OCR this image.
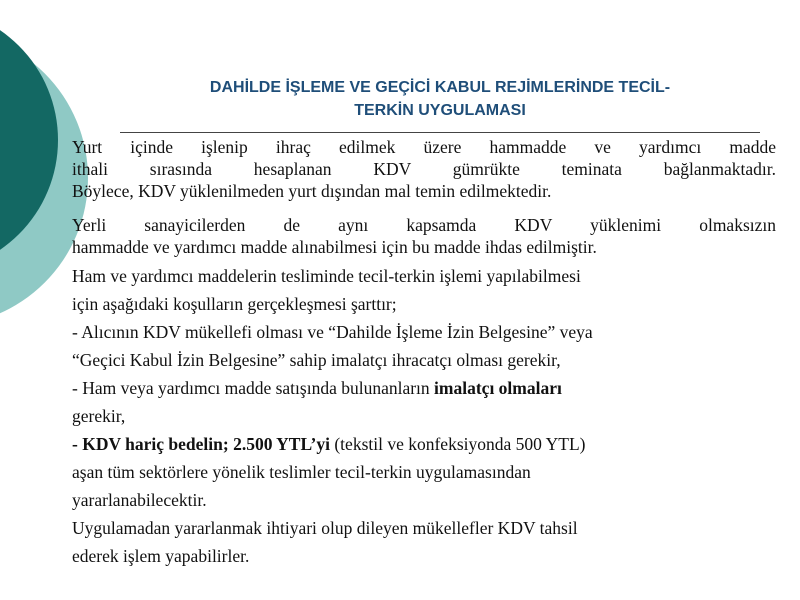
DAHİLDE İŞLEME VE GEÇİCİ KABUL REJİMLERİNDE TECİL-
TERKİN UYGULAMASI
Yurt içinde işlenip ihraç edilmek üzere hammadde ve yardımcı madde
ithali sırasında hesaplanan KDV gümrükte teminata bağlanmaktadır.
Böylece, KDV yüklenilmeden yurt dışından mal temin edilmektedir.
Yerli sanayicilerden de aynı kapsamda KDV yüklenimi olmaksızın
hammadde ve yardımcı madde alınabilmesi için bu madde ihdas edilmiştir.
Ham ve yardımcı maddelerin tesliminde tecil-terkin işlemi yapılabilmesi
için aşağıdaki koşulların gerçekleşmesi şarttır;
- Alıcının KDV mükellefi olması ve “Dahilde İşleme İzin Belgesine” veya
“Geçici Kabul İzin Belgesine” sahip imalatçı ihracatçı olması gerekir,
- Ham veya yardımcı madde satışında bulunanların imalatçı olmaları
gerekir,
- KDV hariç bedelin; 2.500 YTL’yi (tekstil ve konfeksiyonda 500 YTL)
aşan tüm sektörlere yönelik teslimler tecil-terkin uygulamasından
yararlanabilecektir.
Uygulamadan yararlanmak ihtiyari olup dileyen mükellefler KDV tahsil
ederek işlem yapabilirler.
